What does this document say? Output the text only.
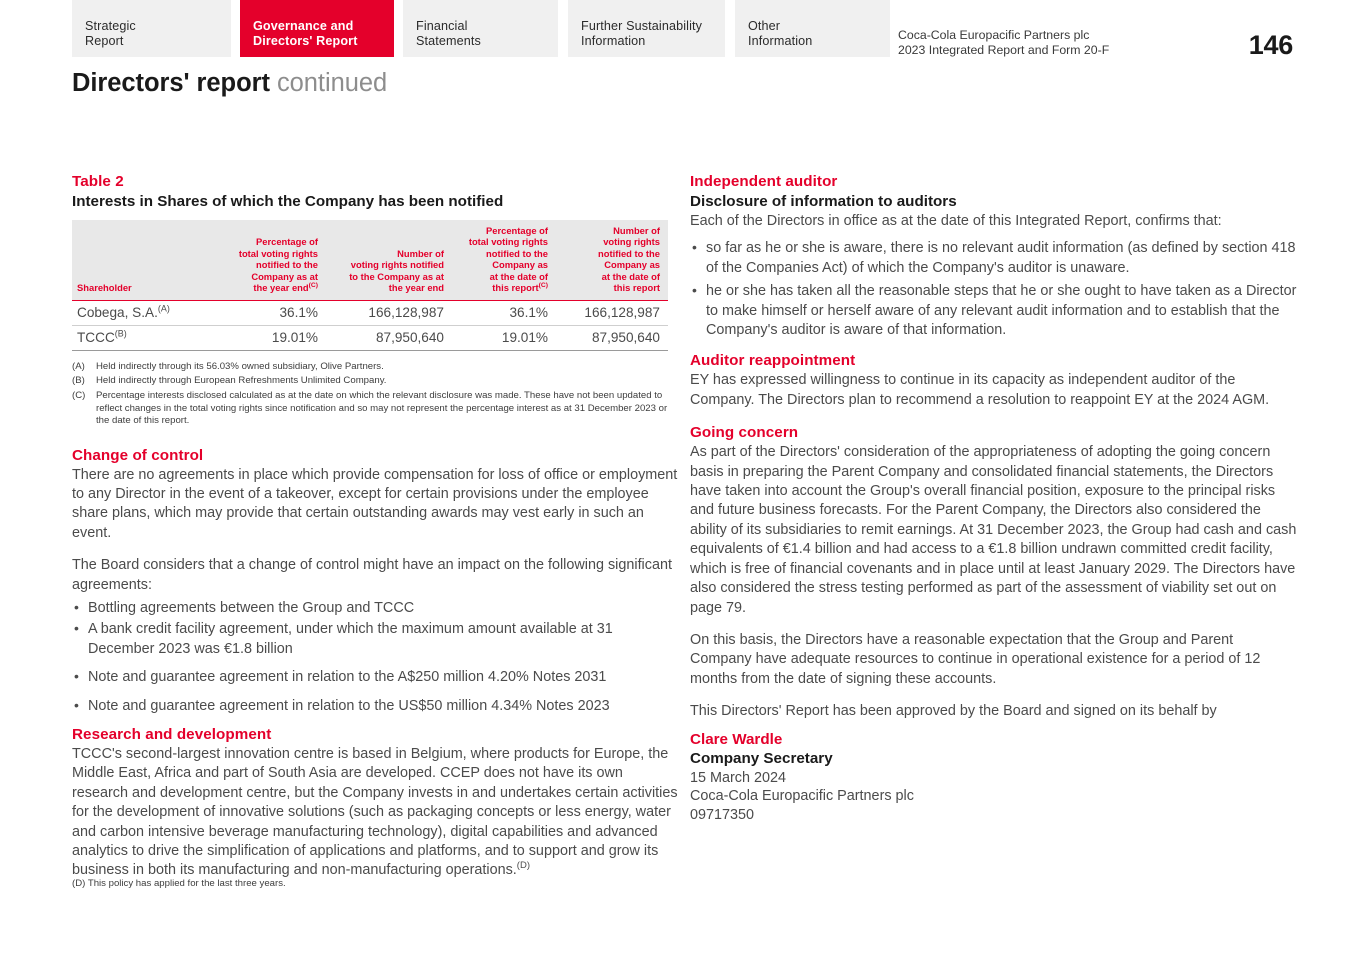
Strategic
Report
Governance and
Directors' Report
Financial
Statements
Further Sustainability
Information
Other
Information	Coca-Cola Europacific Partners plc
2023 Integrated Report and Form 20-F	146
Directors' report continued
Table 2
Interests in Shares of which the Company has been notified
Shareholder	
Percentage of
total voting rights
notified to the
Company as at
the year end$^{(C)}$

Number of
voting rights notified
to the Company as at
the year end

Percentage of
total voting rights
notified to the
Company as
at the date of
this report$^{(C)}$

Number of
voting rights
notified to the
Company as
at the date of
this report

Cobega, S.A.$^{(A)}$	36.1%	166,128,987	36.1%	166,128,987
$TCCC^{(B)}$	19.01%	87,950,640	19.01%	87,950,640
(A)	Held indirectly through its 56.03% owned subsidiary, Olive Partners.
(B)	Held indirectly through European Refreshments Unlimited Company.
(C)	Percentage interests disclosed calculated as at the date on which the relevant disclosure was made. These have not been updated to reflect changes in the total voting rights since notification and so may not represent the percentage interest as at 31 December 2023 or the date of this report.
Change of control

There are no agreements in place which provide compensation for loss of office or employment to any Director in the event of a takeover, except for certain provisions under the employee share plans, which may provide that certain outstanding awards may vest early in such an event.

The Board considers that a change of control might have an impact on the following significant agreements:

• Bottling agreements between the Group and TCCC
• A bank credit facility agreement, under which the maximum amount available at 31 December 2023 was €1.8 billion
• Note and guarantee agreement in relation to the A$250 million 4.20% Notes 2031
• Note and guarantee agreement in relation to the US$50 million 4.34% Notes 2023
Research and development

TCCC's second-largest innovation centre is based in Belgium, where products for Europe, the Middle East, Africa and part of South Asia are developed. CCEP does not have its own research and development centre, but the Company invests in and undertakes certain activities for the development of innovative solutions (such as packaging concepts or less energy, water and carbon intensive beverage manufacturing technology), digital capabilities and advanced analytics to drive the simplification of applications and platforms, and to support and grow its business in both its manufacturing and non-manufacturing operations.$^{(D)}$

Independent auditor
Disclosure of information to auditors

Each of the Directors in office as at the date of this Integrated Report, confirms that:

• so far as he or she is aware, there is no relevant audit information (as defined by section 418 of the Companies Act) of which the Company's auditor is unaware.
• he or she has taken all the reasonable steps that he or she ought to have taken as a Director to make himself or herself aware of any relevant audit information and to establish that the Company's auditor is aware of that information.
Auditor reappointment

EY has expressed willingness to continue in its capacity as independent auditor of the Company. The Directors plan to recommend a resolution to reappoint EY at the 2024 AGM.

Going concern

As part of the Directors' consideration of the appropriateness of adopting the going concern basis in preparing the Parent Company and consolidated financial statements, the Directors have taken into account the Group's overall financial position, exposure to the principal risks and future business forecasts. For the Parent Company, the Directors also considered the ability of its subsidiaries to remit earnings. At 31 December 2023, the Group had cash and cash equivalents of €1.4 billion and had access to a €1.8 billion undrawn committed credit facility, which is free of financial covenants and in place until at least January 2029. The Directors have also considered the stress testing performed as part of the assessment of viability set out on page 79.

On this basis, the Directors have a reasonable expectation that the Group and Parent Company have adequate resources to continue in operational existence for a period of 12 months from the date of signing these accounts.

This Directors' Report has been approved by the Board and signed on its behalf by

Clare Wardle
Company Secretary
15 March 2024
Coca-Cola Europacific Partners plc
09717350
(D) This policy has applied for the last three years.
